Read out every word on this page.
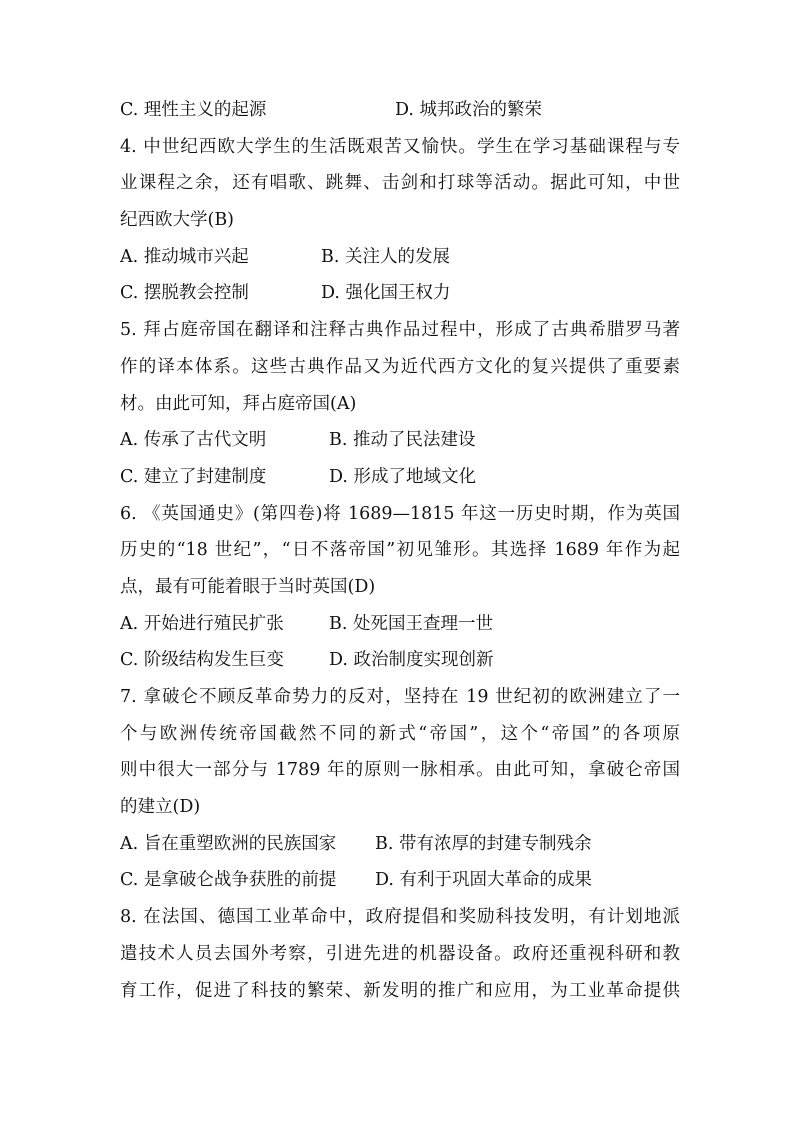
C. 理性主义的起源	D. 城邦政治的繁荣
4. 中世纪西欧大学生的生活既艰苦又愉快。学生在学习基础课程与专
业课程之余，还有唱歌、跳舞、击剑和打球等活动。据此可知，中世
纪西欧大学(B)
A. 推动城市兴起	B. 关注人的发展
C. 摆脱教会控制	D. 强化国王权力
5. 拜占庭帝国在翻译和注释古典作品过程中，形成了古典希腊罗马著
作的译本体系。这些古典作品又为近代西方文化的复兴提供了重要素
材。由此可知，拜占庭帝国(A)
A. 传承了古代文明	B. 推动了民法建设
C. 建立了封建制度	D. 形成了地域文化
6. 《英国通史》(第四卷)将 1689—1815 年这一历史时期，作为英国
历史的“18 世纪”，“日不落帝国”初见雏形。其选择 1689 年作为起
点，最有可能着眼于当时英国(D)
A. 开始进行殖民扩张	B. 处死国王查理一世
C. 阶级结构发生巨变	D. 政治制度实现创新
7. 拿破仑不顾反革命势力的反对，坚持在 19 世纪初的欧洲建立了一
个与欧洲传统帝国截然不同的新式“帝国”，这个“帝国”的各项原
则中很大一部分与 1789 年的原则一脉相承。由此可知，拿破仑帝国
的建立(D)
A. 旨在重塑欧洲的民族国家 B. 带有浓厚的封建专制残余
C. 是拿破仑战争获胜的前提 D. 有利于巩固大革命的成果
8. 在法国、德国工业革命中，政府提倡和奖励科技发明，有计划地派
遣技术人员去国外考察，引进先进的机器设备。政府还重视科研和教
育工作，促进了科技的繁荣、新发明的推广和应用，为工业革命提供
